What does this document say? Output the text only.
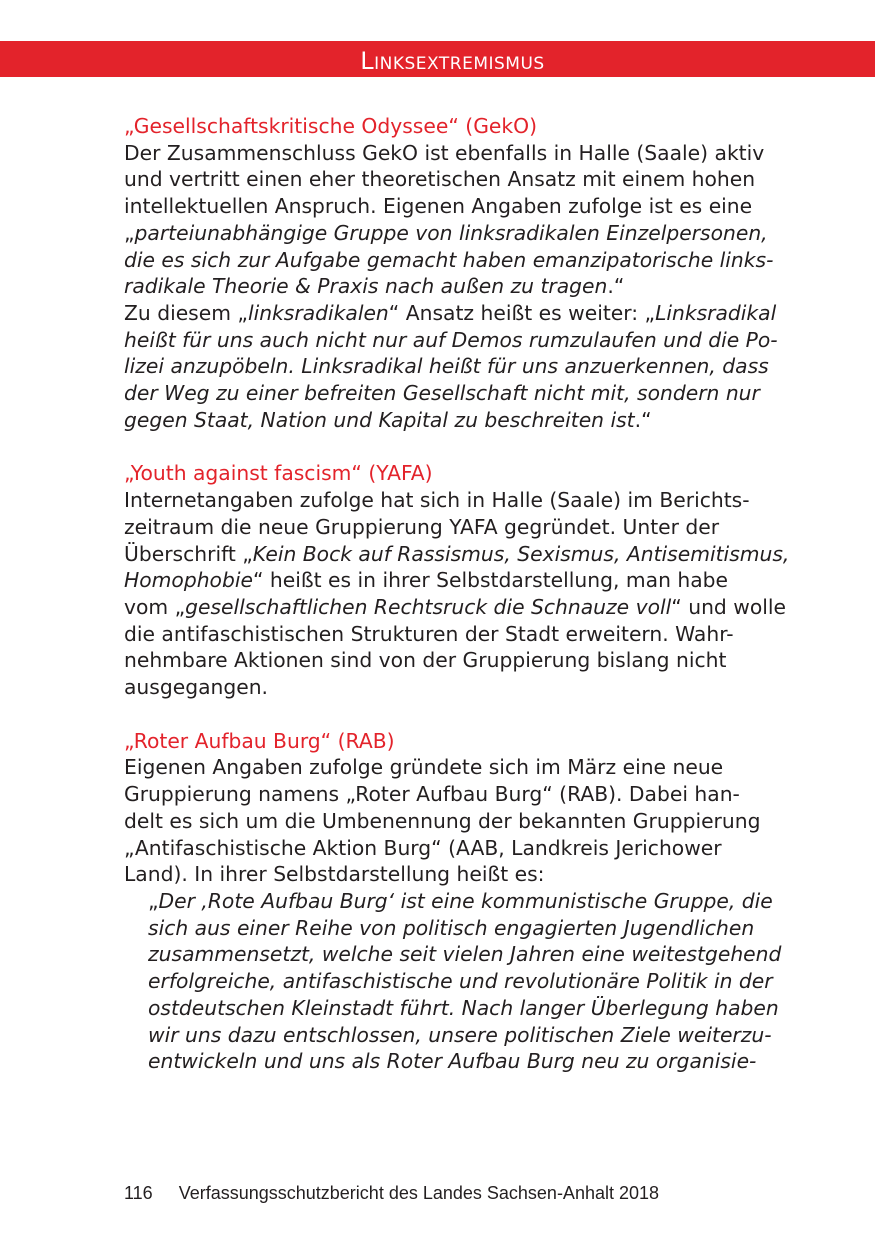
Linksextremismus
„Gesellschaftskritische Odyssee“ (GekO)
Der Zusammenschluss GekO ist ebenfalls in Halle (Saale) aktiv
und vertritt einen eher theoretischen Ansatz mit einem hohen
intellektuellen Anspruch. Eigenen Angaben zufolge ist es eine
„parteiunabhängige Gruppe von linksradikalen Einzelpersonen,
die es sich zur Aufgabe gemacht haben emanzipatorische links-
radikale Theorie & Praxis nach außen zu tragen.“
Zu diesem „linksradikalen“ Ansatz heißt es weiter: „Linksradikal
heißt für uns auch nicht nur auf Demos rumzulaufen und die Po-
lizei anzupöbeln. Linksradikal heißt für uns anzuerkennen, dass
der Weg zu einer befreiten Gesellschaft nicht mit, sondern nur
gegen Staat, Nation und Kapital zu beschreiten ist.“
„Youth against fascism“ (YAFA)
Internetangaben zufolge hat sich in Halle (Saale) im Berichts-
zeitraum die neue Gruppierung YAFA gegründet. Unter der
Überschrift „Kein Bock auf Rassismus, Sexismus, Antisemitismus,
Homophobie“ heißt es in ihrer Selbstdarstellung, man habe
vom „gesellschaftlichen Rechtsruck die Schnauze voll“ und wolle
die antifaschistischen Strukturen der Stadt erweitern. Wahr-
nehmbare Aktionen sind von der Gruppierung bislang nicht
ausgegangen.
„Roter Aufbau Burg“ (RAB)
Eigenen Angaben zufolge gründete sich im März eine neue
Gruppierung namens „Roter Aufbau Burg“ (RAB). Dabei han-
delt es sich um die Umbenennung der bekannten Gruppierung
„Antifaschistische Aktion Burg“ (AAB, Landkreis Jerichower
Land). In ihrer Selbstdarstellung heißt es:
„Der ‚Rote Aufbau Burg‘ ist eine kommunistische Gruppe, die
sich aus einer Reihe von politisch engagierten Jugendlichen
zusammensetzt, welche seit vielen Jahren eine weitestgehend
erfolgreiche, antifaschistische und revolutionäre Politik in der
ostdeutschen Kleinstadt führt. Nach langer Überlegung haben
wir uns dazu entschlossen, unsere politischen Ziele weiterzu-
entwickeln und uns als Roter Aufbau Burg neu zu organisie-
116 Verfassungsschutzbericht des Landes Sachsen-Anhalt 2018
